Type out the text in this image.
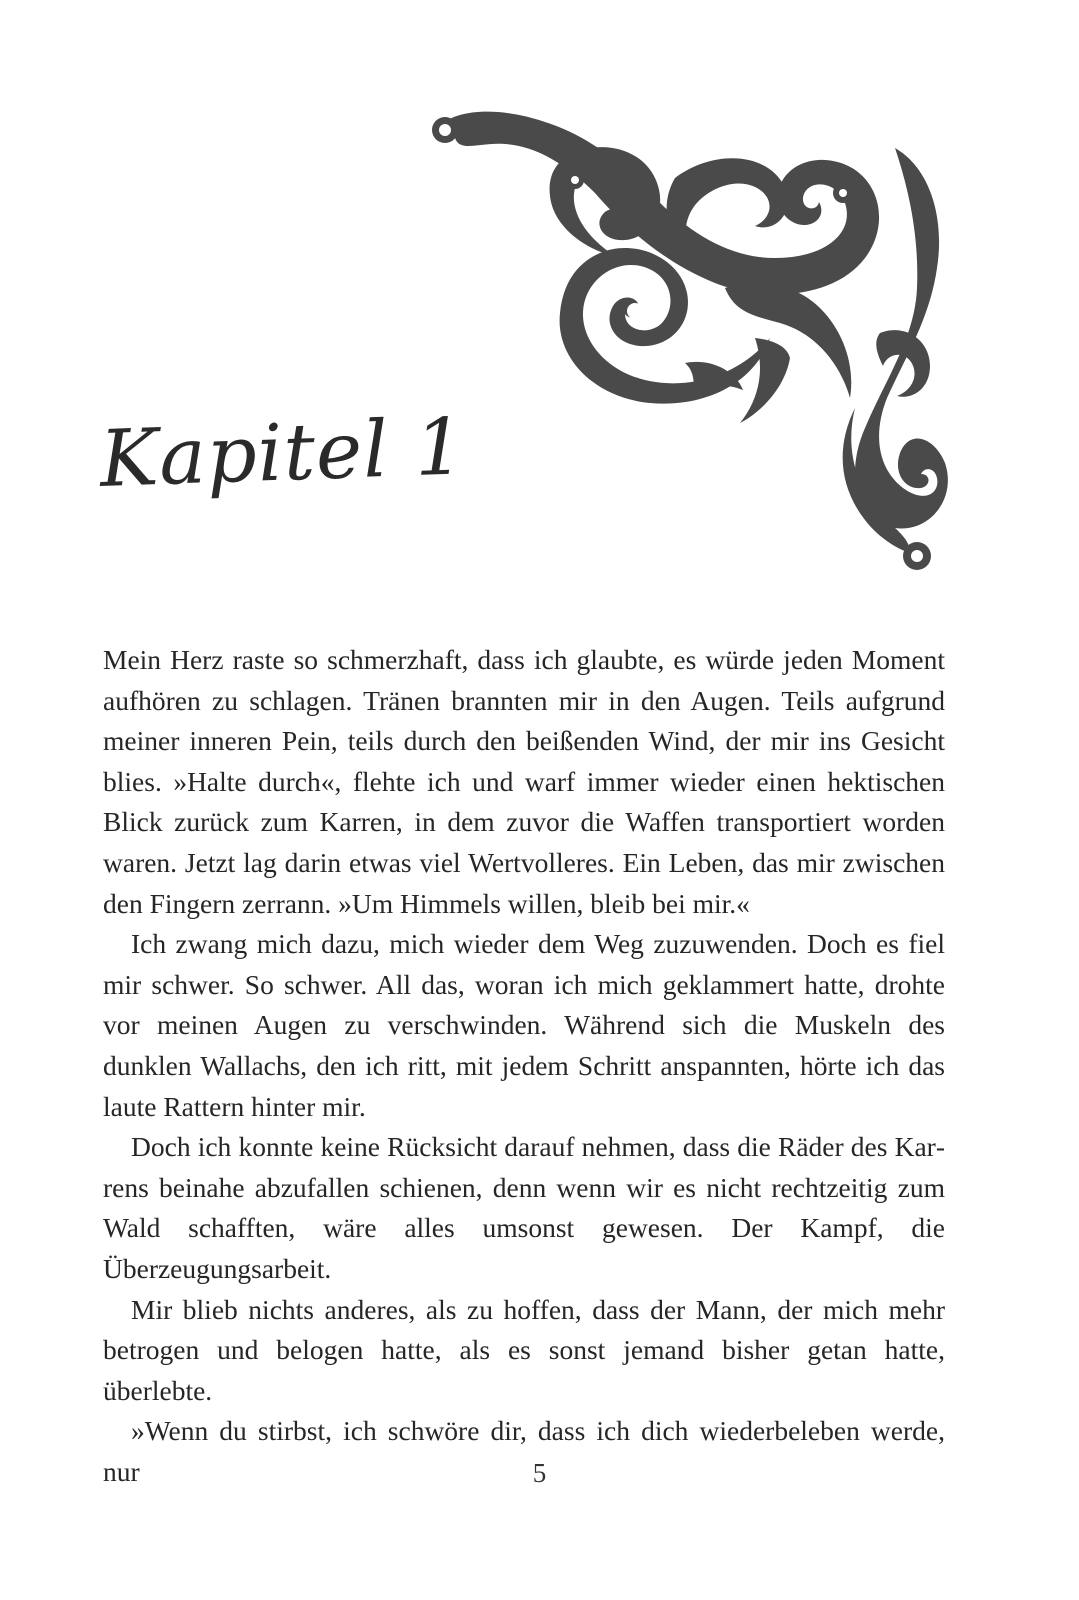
Kapitel 1

Mein Herz raste so schmerzhaft, dass ich glaubte, es würde jeden Moment aufhören zu schlagen. Tränen brannten mir in den Augen. Teils aufgrund meiner inneren Pein, teils durch den beißenden Wind, der mir ins Gesicht blies. »Halte durch«, flehte ich und warf immer wieder einen hektischen Blick zurück zum Karren, in dem zuvor die Waffen transportiert worden waren. Jetzt lag darin etwas viel Wertvolleres. Ein Leben, das mir zwischen den Fingern zerrann. »Um Himmels willen, bleib bei mir.«

Ich zwang mich dazu, mich wieder dem Weg zuzuwenden. Doch es fiel mir schwer. So schwer. All das, woran ich mich geklammert hatte, drohte vor meinen Augen zu verschwinden. Während sich die Muskeln des dunklen Wallachs, den ich ritt, mit jedem Schritt anspannten, hörte ich das laute Rattern hinter mir.

Doch ich konnte keine Rücksicht darauf nehmen, dass die Räder des Karrens beinahe abzufallen schienen, denn wenn wir es nicht rechtzeitig zum Wald schafften, wäre alles umsonst gewesen. Der Kampf, die Überzeugungsarbeit.

Mir blieb nichts anderes, als zu hoffen, dass der Mann, der mich mehr betrogen und belogen hatte, als es sonst jemand bisher getan hatte, überlebte.

»Wenn du stirbst, ich schwöre dir, dass ich dich wiederbeleben werde, nur	5
